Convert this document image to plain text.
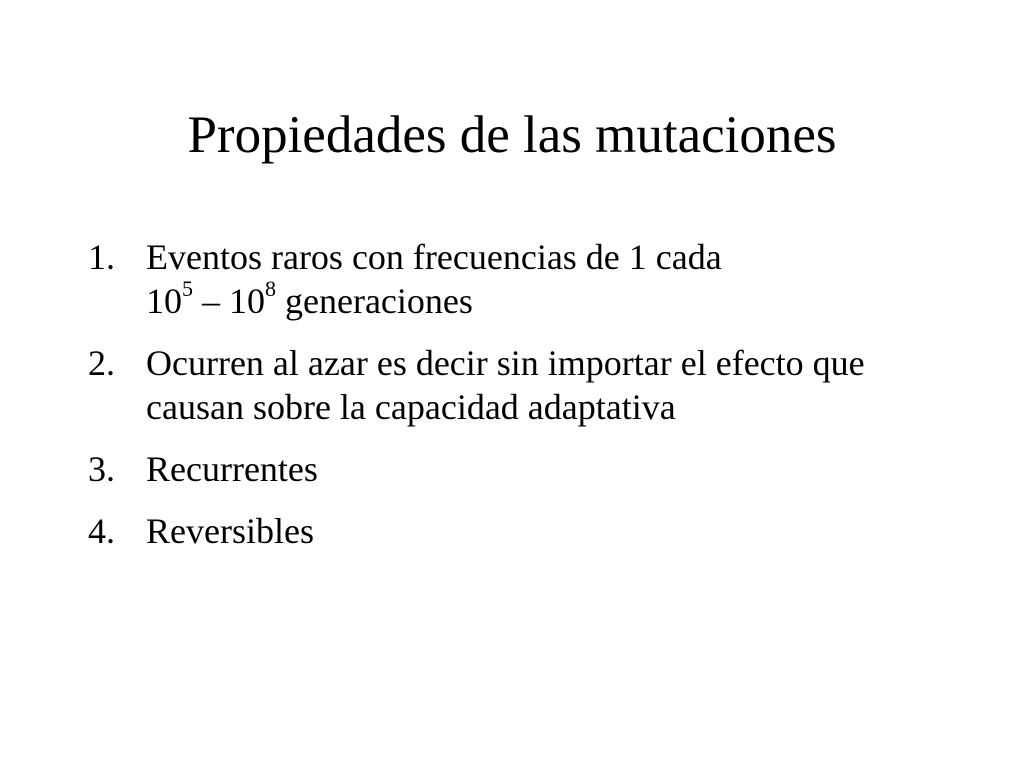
Propiedades de las mutaciones
1. Eventos raros con frecuencias de 1 cada
$10^5 - 10^8$ generaciones
2. Ocurren al azar es decir sin importar el efecto que causan sobre la capacidad adaptativa
3. Recurrentes
4. Reversibles
